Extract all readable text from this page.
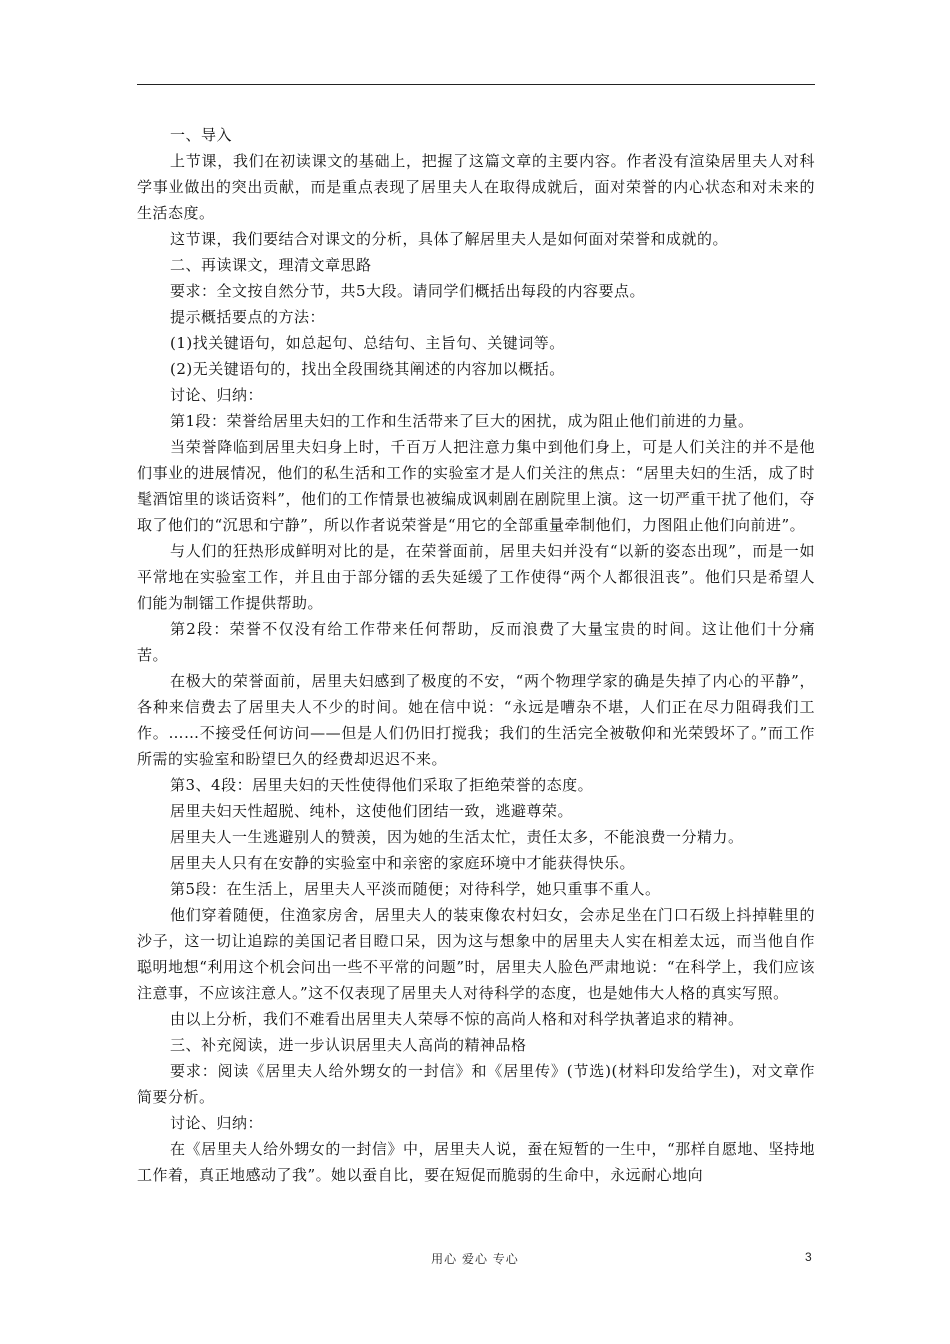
一、导入

上节课，我们在初读课文的基础上，把握了这篇文章的主要内容。作者没有渲染居里夫人对科学事业做出的突出贡献，而是重点表现了居里夫人在取得成就后，面对荣誉的内心状态和对未来的生活态度。

这节课，我们要结合对课文的分析，具体了解居里夫人是如何面对荣誉和成就的。

二、再读课文，理清文章思路

要求：全文按自然分节，共5大段。请同学们概括出每段的内容要点。

提示概括要点的方法：

(1)找关键语句，如总起句、总结句、主旨句、关键词等。

(2)无关键语句的，找出全段围绕其阐述的内容加以概括。

讨论、归纳：

第1段：荣誉给居里夫妇的工作和生活带来了巨大的困扰，成为阻止他们前进的力量。

当荣誉降临到居里夫妇身上时，千百万人把注意力集中到他们身上，可是人们关注的并不是他们事业的进展情况，他们的私生活和工作的实验室才是人们关注的焦点：“居里夫妇的生活，成了时髦酒馆里的谈话资料”，他们的工作情景也被编成讽刺剧在剧院里上演。这一切严重干扰了他们，夺取了他们的“沉思和宁静”，所以作者说荣誉是“用它的全部重量牵制他们，力图阻止他们向前进”。

与人们的狂热形成鲜明对比的是，在荣誉面前，居里夫妇并没有“以新的姿态出现”，而是一如平常地在实验室工作，并且由于部分镭的丢失延缓了工作使得“两个人都很沮丧”。他们只是希望人们能为制镭工作提供帮助。

第2段：荣誉不仅没有给工作带来任何帮助，反而浪费了大量宝贵的时间。这让他们十分痛苦。

在极大的荣誉面前，居里夫妇感到了极度的不安，“两个物理学家的确是失掉了内心的平静”，各种来信费去了居里夫人不少的时间。她在信中说：“永远是嘈杂不堪，人们正在尽力阻碍我们工作。……不接受任何访问——但是人们仍旧打搅我；我们的生活完全被敬仰和光荣毁坏了。”而工作所需的实验室和盼望巳久的经费却迟迟不来。

第3、4段：居里夫妇的天性使得他们采取了拒绝荣誉的态度。

居里夫妇天性超脱、纯朴，这使他们团结一致，逃避尊荣。

居里夫人一生逃避别人的赞羡，因为她的生活太忙，责任太多，不能浪费一分精力。

居里夫人只有在安静的实验室中和亲密的家庭环境中才能获得快乐。

第5段：在生活上，居里夫人平淡而随便；对待科学，她只重事不重人。

他们穿着随便，住渔家房舍，居里夫人的装束像农村妇女，会赤足坐在门口石级上抖掉鞋里的沙子，这一切让追踪的美国记者目瞪口呆，因为这与想象中的居里夫人实在相差太远，而当他自作聪明地想“利用这个机会问出一些不平常的问题”时，居里夫人脸色严肃地说：“在科学上，我们应该注意事，不应该注意人。”这不仅表现了居里夫人对待科学的态度，也是她伟大人格的真实写照。

由以上分析，我们不难看出居里夫人荣辱不惊的高尚人格和对科学执著追求的精神。

三、补充阅读，进一步认识居里夫人高尚的精神品格

要求：阅读《居里夫人给外甥女的一封信》和《居里传》(节选)(材料印发给学生)，对文章作简要分析。

讨论、归纳：

在《居里夫人给外甥女的一封信》中，居里夫人说，蚕在短暂的一生中，“那样自愿地、坚持地工作着，真正地感动了我”。她以蚕自比，要在短促而脆弱的生命中，永远耐心地向

用心 爱心 专心	3
